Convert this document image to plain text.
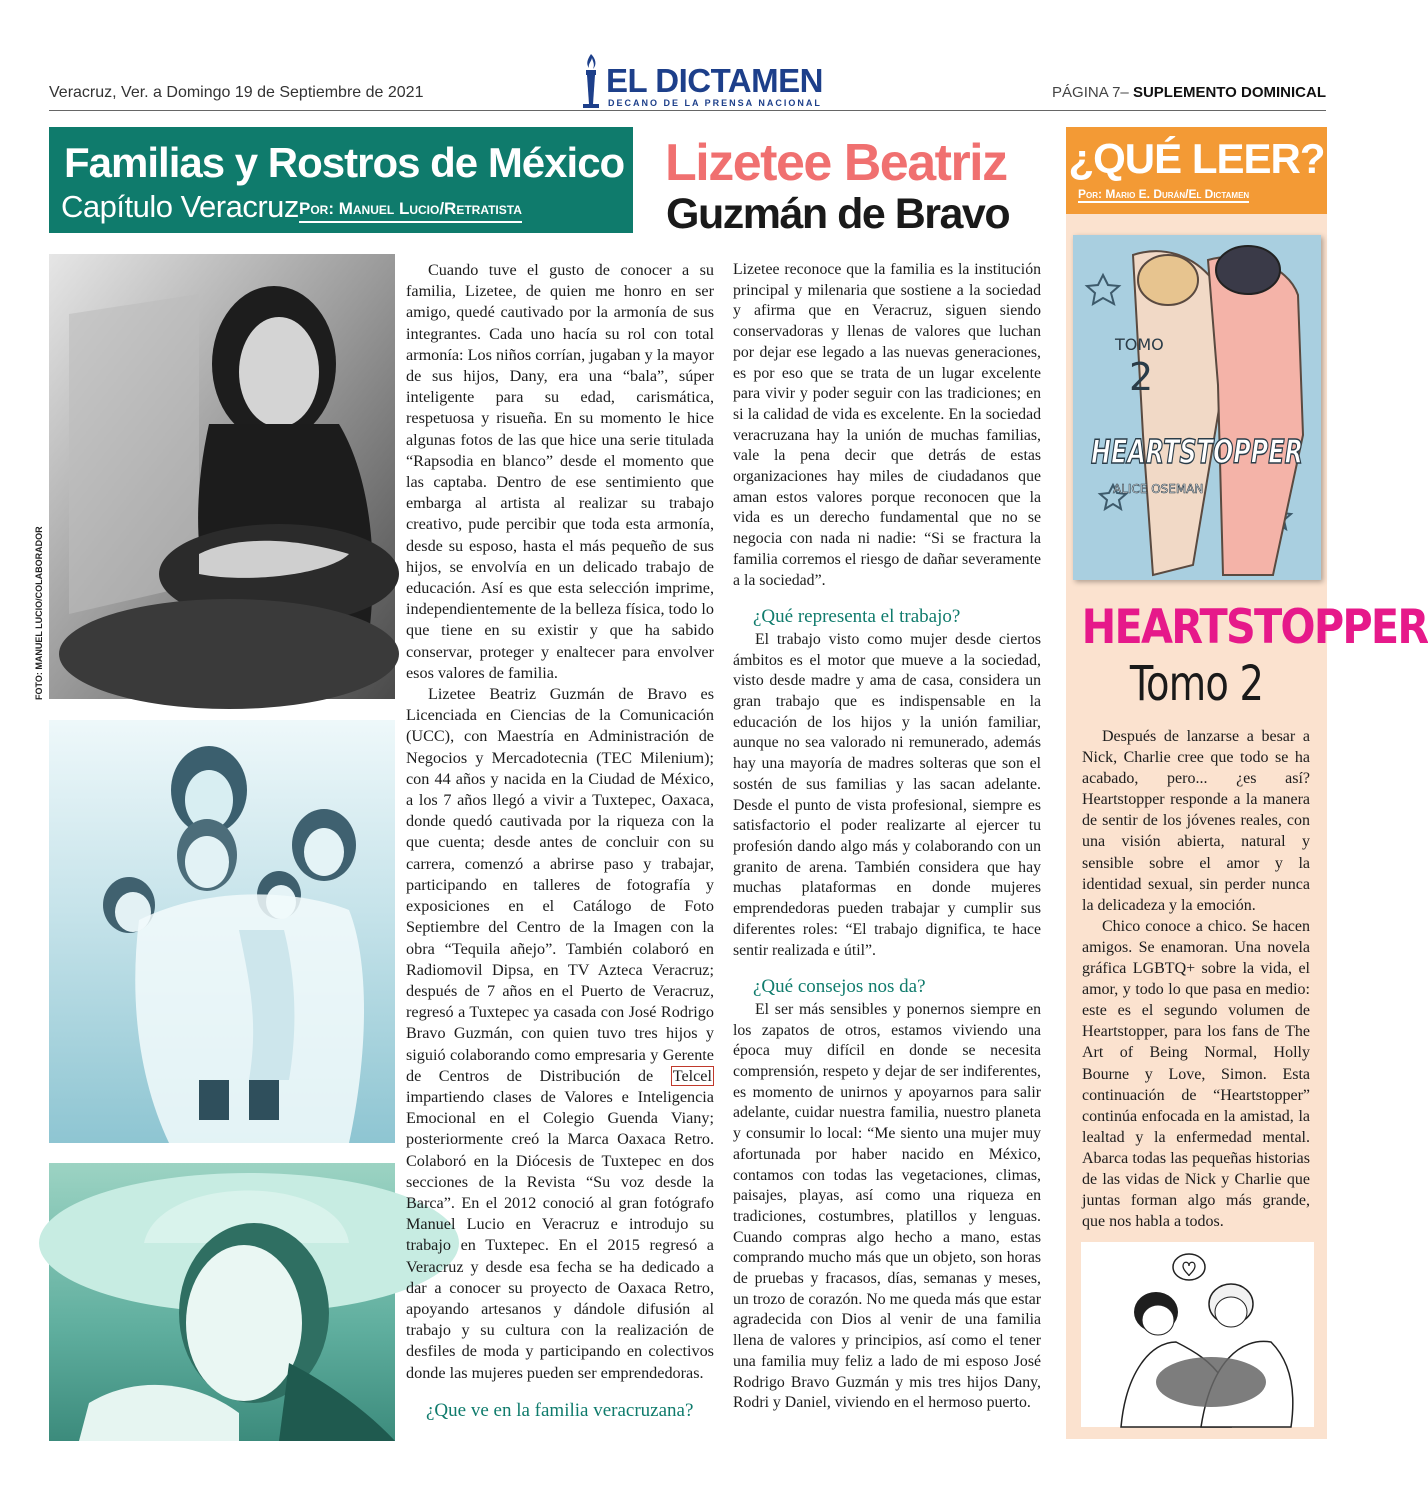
Veracruz, Ver. a Domingo 19 de Septiembre de 2021	EL DICTAMEN
DECANO DE LA PRENSA NACIONAL
PÁGINA 7– SUPLEMENTO DOMINICAL
Familias y Rostros de México
Capítulo Veracruz Por: Manuel Lucio/Retratista
Lizetee Beatriz
Guzmán de Bravo
FOTO: MANUEL LUCIO/COLABORADOR

Cuando tuve el gusto de conocer a su familia, Lizetee, de quien me honro en ser amigo, quedé cautivado por la armonía de sus integrantes. Cada uno hacía su rol con total armonía: Los niños corrían, jugaban y la mayor de sus hijos, Dany, era una “bala”, súper inteligente para su edad, carismática, respetuosa y risueña. En su momento le hice algunas fotos de las que hice una serie titulada “Rapsodia en blanco” desde el momento que las captaba. Dentro de ese sentimiento que embarga al artista al realizar su trabajo creativo, pude percibir que toda esta armonía, desde su esposo, hasta el más pequeño de sus hijos, se envolvía en un delicado trabajo de educación. Así es que esta selección imprime, independientemente de la belleza física, todo lo que tiene en su existir y que ha sabido conservar, proteger y enaltecer para envolver esos valores de familia.

Lizetee Beatriz Guzmán de Bravo es Licenciada en Ciencias de la Comunicación (UCC), con Maestría en Administración de Negocios y Mercadotecnia (TEC Milenium); con 44 años y nacida en la Ciudad de México, a los 7 años llegó a vivir a Tuxtepec, Oaxaca, donde quedó cautivada por la riqueza con la que cuenta; desde antes de concluir con su carrera, comenzó a abrirse paso y trabajar, participando en talleres de fotografía y exposiciones en el Catálogo de Foto Septiembre del Centro de la Imagen con la obra “Tequila añejo”. También colaboró en Radiomovil Dipsa, en TV Azteca Veracruz; después de 7 años en el Puerto de Veracruz, regresó a Tuxtepec ya casada con José Rodrigo Bravo Guzmán, con quien tuvo tres hijos y siguió colaborando como empresaria y Gerente de Centros de Distribución de Telcel impartiendo clases de Valores e Inteligencia Emocional en el Colegio Guenda Viany; posteriormente creó la Marca Oaxaca Retro. Colaboró en la Diócesis de Tuxtepec en dos secciones de la Revista “Su voz desde la Barca”. En el 2012 conoció al gran fotógrafo Manuel Lucio en Veracruz e introdujo su trabajo en Tuxtepec. En el 2015 regresó a Veracruz y desde esa fecha se ha dedicado a dar a conocer su proyecto de Oaxaca Retro, apoyando artesanos y dándole difusión al trabajo y su cultura con la realización de desfiles de moda y participando en colectivos donde las mujeres pueden ser emprendedoras.

¿Que ve en la familia veracruzana?

Lizetee reconoce que la familia es la institución principal y milenaria que sostiene a la sociedad y afirma que en Veracruz, siguen siendo conservadoras y llenas de valores que luchan por dejar ese legado a las nuevas generaciones, es por eso que se trata de un lugar excelente para vivir y poder seguir con las tradiciones; en si la calidad de vida es excelente. En la sociedad veracruzana hay la unión de muchas familias, vale la pena decir que detrás de estas organizaciones hay miles de ciudadanos que aman estos valores porque reconocen que la vida es un derecho fundamental que no se negocia con nada ni nadie: “Si se fractura la familia corremos el riesgo de dañar severamente a la sociedad”.

¿Qué representa el trabajo?

El trabajo visto como mujer desde ciertos ámbitos es el motor que mueve a la sociedad, visto desde madre y ama de casa, considera un gran trabajo que es indispensable en la educación de los hijos y la unión familiar, aunque no sea valorado ni remunerado, además hay una mayoría de madres solteras que son el sostén de sus familias y las sacan adelante. Desde el punto de vista profesional, siempre es satisfactorio el poder realizarte al ejercer tu profesión dando algo más y colaborando con un granito de arena. También considera que hay muchas plataformas en donde mujeres emprendedoras pueden trabajar y cumplir sus diferentes roles: “El trabajo dignifica, te hace sentir realizada e útil”.

¿Qué consejos nos da?

El ser más sensibles y ponernos siempre en los zapatos de otros, estamos viviendo una época muy difícil en donde se necesita comprensión, respeto y dejar de ser indiferentes, es momento de unirnos y apoyarnos para salir adelante, cuidar nuestra familia, nuestro planeta y consumir lo local: “Me siento una mujer muy afortunada por haber nacido en México, contamos con todas las vegetaciones, climas, paisajes, playas, así como una riqueza en tradiciones, costumbres, platillos y lenguas. Cuando compras algo hecho a mano, estas comprando mucho más que un objeto, son horas de pruebas y fracasos, días, semanas y meses, un trozo de corazón. No me queda más que estar agradecida con Dios al venir de una familia llena de valores y principios, así como el tener una familia muy feliz a lado de mi esposo José Rodrigo Bravo Guzmán y mis tres hijos Dany, Rodri y Daniel, viviendo en el hermoso puerto.

¿QUÉ LEER?
Por: Mario E. Durán/El Dictamen
TOMO
2
HEARTSTOPPER
ALICE OSEMAN
HEARTSTOPPER
Tomo 2

Después de lanzarse a besar a Nick, Charlie cree que todo se ha acabado, pero... ¿es así? Heartstopper responde a la manera de sentir de los jóvenes reales, con una visión abierta, natural y sensible sobre el amor y la identidad sexual, sin perder nunca la delicadeza y la emoción.

Chico conoce a chico. Se hacen amigos. Se enamoran. Una novela gráfica LGBTQ+ sobre la vida, el amor, y todo lo que pasa en medio: este es el segundo volumen de Heartstopper, para los fans de The Art of Being Normal, Holly Bourne y Love, Simon. Esta continuación de “Heartstopper” continúa enfocada en la amistad, la lealtad y la enfermedad mental. Abarca todas las pequeñas historias de las vidas de Nick y Charlie que juntas forman algo más grande, que nos habla a todos.
